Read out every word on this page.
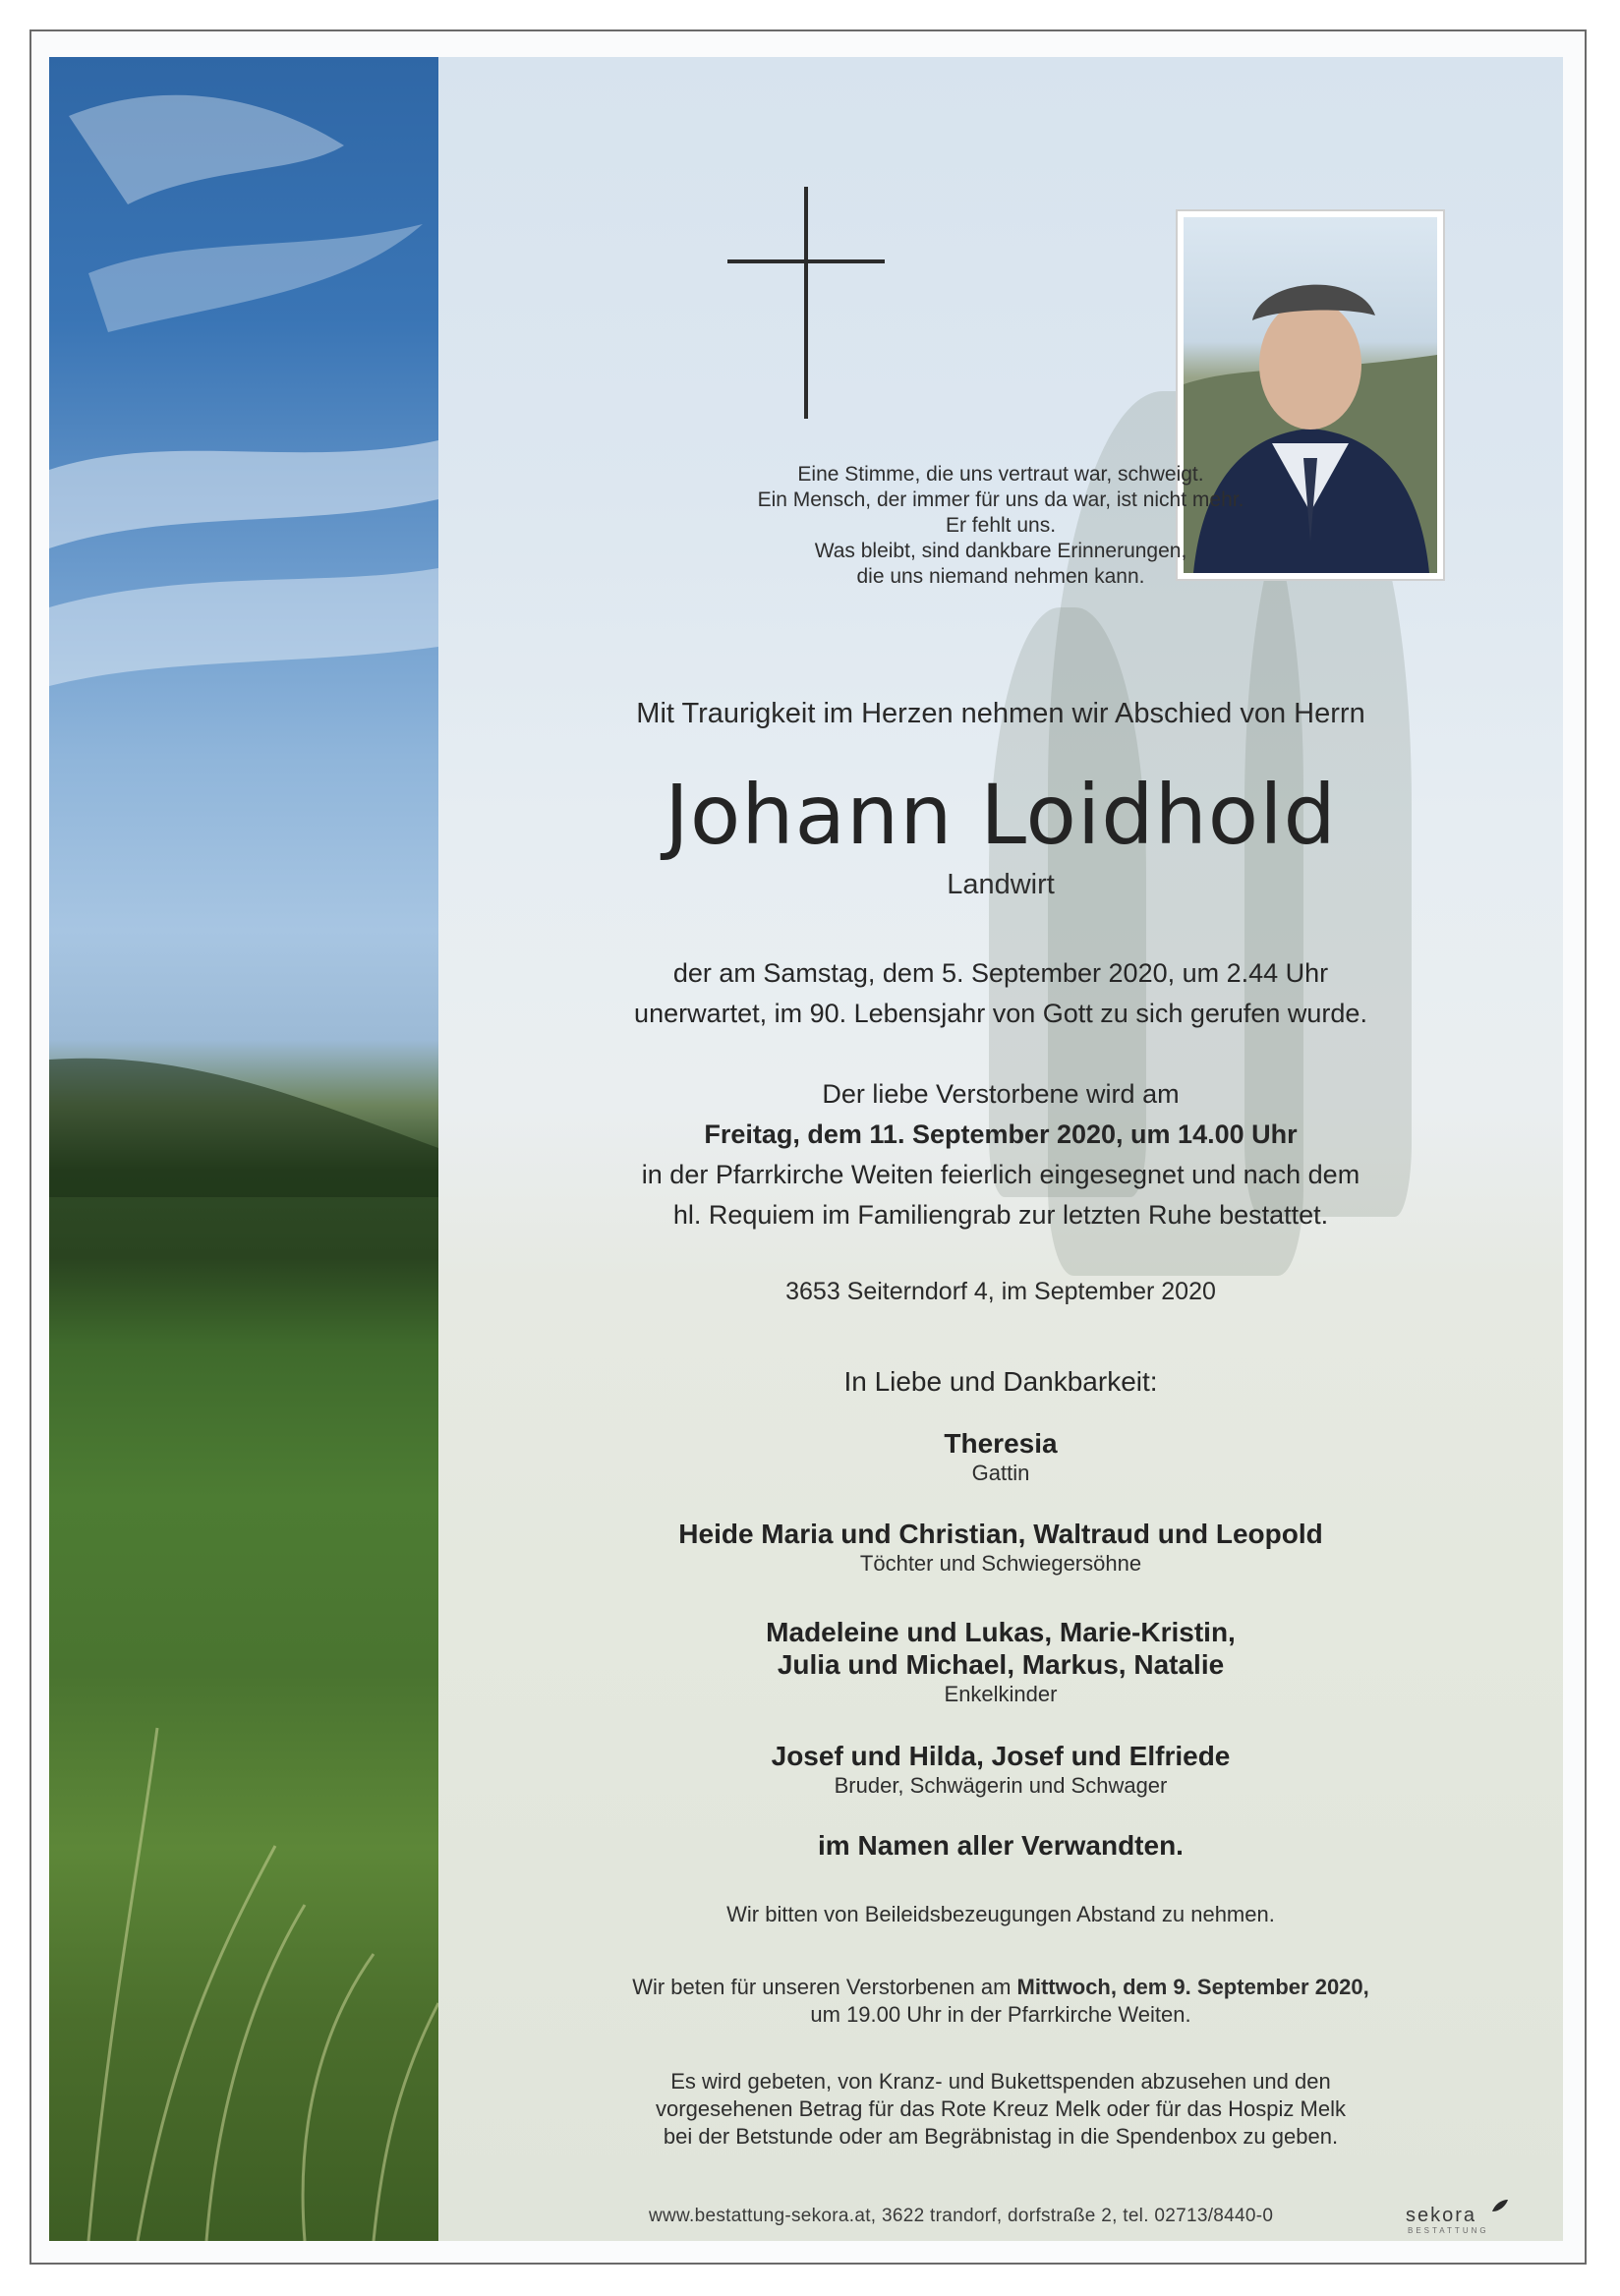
Eine Stimme, die uns vertraut war, schweigt.

Ein Mensch, der immer für uns da war, ist nicht mehr.

Er fehlt uns.

Was bleibt, sind dankbare Erinnerungen,

die uns niemand nehmen kann.

Mit Traurigkeit im Herzen nehmen wir Abschied von Herrn

Johann Loidhold

Landwirt

der am Samstag, dem 5. September 2020, um 2.44 Uhr

unerwartet, im 90. Lebensjahr von Gott zu sich gerufen wurde.

Der liebe Verstorbene wird am

Freitag, dem 11. September 2020, um 14.00 Uhr

in der Pfarrkirche Weiten feierlich eingesegnet und nach dem

hl. Requiem im Familiengrab zur letzten Ruhe bestattet.

3653 Seiterndorf 4, im September 2020

In Liebe und Dankbarkeit:

Theresia

Gattin

Heide Maria und Christian, Waltraud und Leopold

Töchter und Schwiegersöhne

Madeleine und Lukas, Marie-Kristin,

Julia und Michael, Markus, Natalie

Enkelkinder

Josef und Hilda, Josef und Elfriede

Bruder, Schwägerin und Schwager

im Namen aller Verwandten.

Wir bitten von Beileidsbezeugungen Abstand zu nehmen.

Wir beten für unseren Verstorbenen am Mittwoch, dem 9. September 2020,

um 19.00 Uhr in der Pfarrkirche Weiten.

Es wird gebeten, von Kranz- und Bukettspenden abzusehen und den

vorgesehenen Betrag für das Rote Kreuz Melk oder für das Hospiz Melk

bei der Betstunde oder am Begräbnistag in die Spendenbox zu geben.

www.bestattung-sekora.at, 3622 trandorf, dorfstraße 2, tel. 02713/8440-0	sekora
BESTATTUNG
